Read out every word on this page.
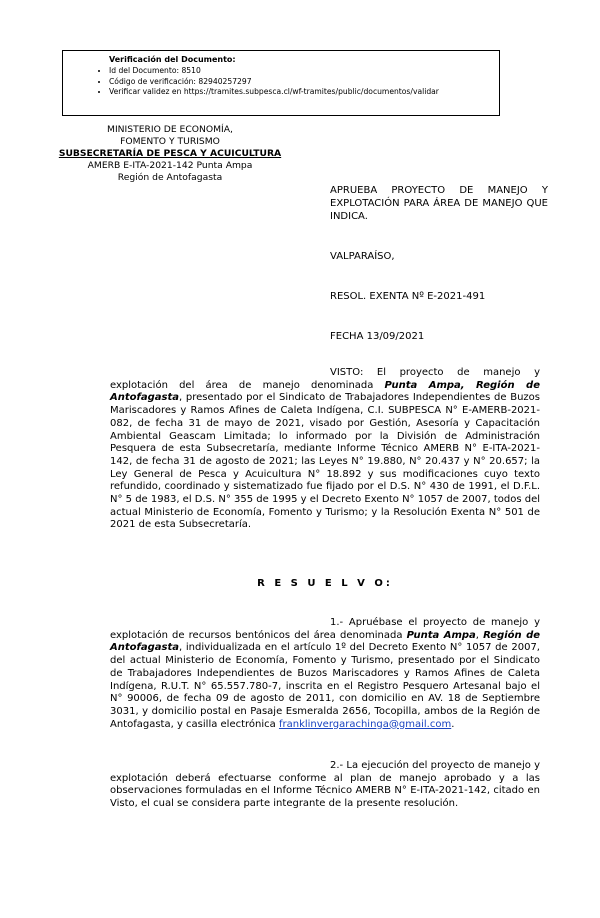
Verificación del Documento:
• Id del Documento: 8510
• Código de verificación: 82940257297
• Verificar validez en https://tramites.subpesca.cl/wf-tramites/public/documentos/validar
MINISTERIO DE ECONOMÍA,
FOMENTO Y TURISMO
SUBSECRETARÍA DE PESCA Y ACUICULTURA
AMERB E-ITA-2021-142 Punta Ampa
Región de Antofagasta
APRUEBA PROYECTO DE MANEJO Y EXPLOTACIÓN PARA ÁREA DE MANEJO QUE INDICA.
VALPARAÍSO,
RESOL. EXENTA Nº E-2021-491
FECHA 13/09/2021
VISTO: El proyecto de manejo y explotación del área de manejo denominada Punta Ampa, Región de Antofagasta, presentado por el Sindicato de Trabajadores Independientes de Buzos Mariscadores y Ramos Afines de Caleta Indígena, C.I. SUBPESCA N° E-AMERB-2021-082, de fecha 31 de mayo de 2021, visado por Gestión, Asesoría y Capacitación Ambiental Geascam Limitada; lo informado por la División de Administración Pesquera de esta Subsecretaría, mediante Informe Técnico AMERB N° E-ITA-2021-142, de fecha 31 de agosto de 2021; las Leyes N° 19.880, N° 20.437 y N° 20.657; la Ley General de Pesca y Acuicultura N° 18.892 y sus modificaciones cuyo texto refundido, coordinado y sistematizado fue fijado por el D.S. N° 430 de 1991, el D.F.L. N° 5 de 1983, el D.S. N° 355 de 1995 y el Decreto Exento N° 1057 de 2007, todos del actual Ministerio de Economía, Fomento y Turismo; y la Resolución Exenta N° 501 de 2021 de esta Subsecretaría.
R E S U E L V O:
1.- Apruébase el proyecto de manejo y explotación de recursos bentónicos del área denominada Punta Ampa, Región de Antofagasta, individualizada en el artículo 1º del Decreto Exento N° 1057 de 2007, del actual Ministerio de Economía, Fomento y Turismo, presentado por el Sindicato de Trabajadores Independientes de Buzos Mariscadores y Ramos Afines de Caleta Indígena, R.U.T. N° 65.557.780-7, inscrita en el Registro Pesquero Artesanal bajo el N° 90006, de fecha 09 de agosto de 2011, con domicilio en AV. 18 de Septiembre 3031, y domicilio postal en Pasaje Esmeralda 2656, Tocopilla, ambos de la Región de Antofagasta, y casilla electrónica franklinvergarachinga@gmail.com.
2.- La ejecución del proyecto de manejo y explotación deberá efectuarse conforme al plan de manejo aprobado y a las observaciones formuladas en el Informe Técnico AMERB N° E-ITA-2021-142, citado en Visto, el cual se considera parte integrante de la presente resolución.
